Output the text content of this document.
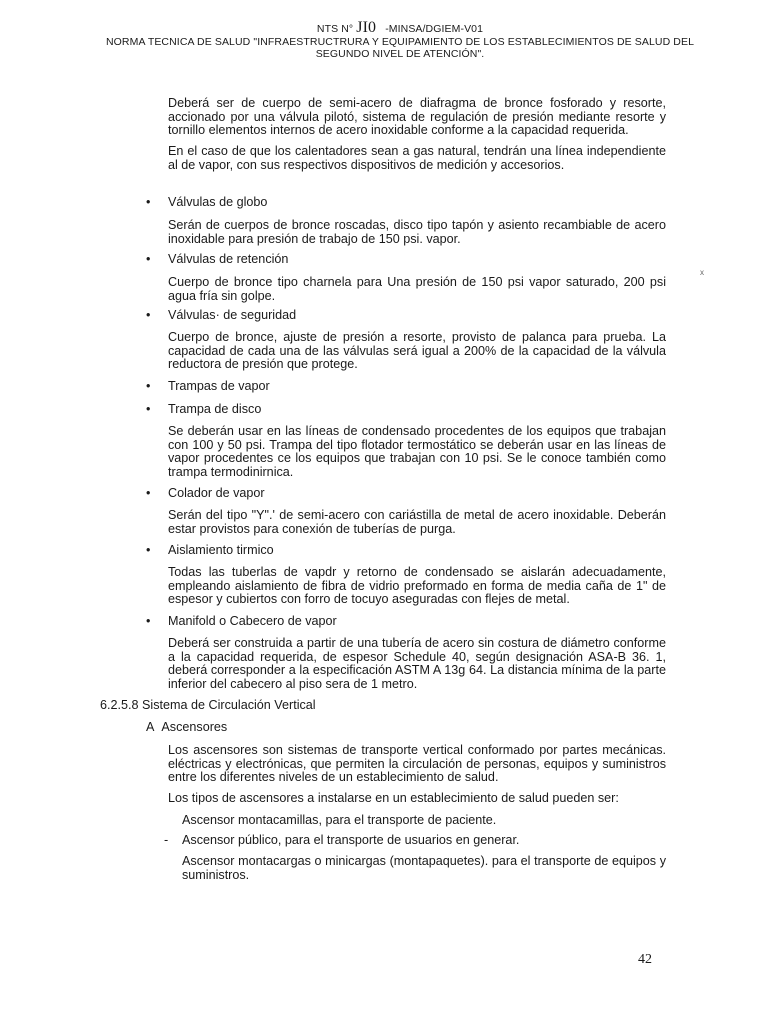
NTS N° JI0 -MINSA/DGIEM-V01
NORMA TECNICA DE SALUD "INFRAESTRUCTRURA Y EQUIPAMIENTO DE LOS ESTABLECIMIENTOS DE SALUD DEL
SEGUNDO NIVEL DE ATENCIÓN".
Deberá ser de cuerpo de semi-acero de diafragma de bronce fosforado y resorte, accionado por una válvula pilotó, sistema de regulación de presión mediante resorte y tornillo elementos internos de acero inoxidable conforme a la capacidad requerida.
En el caso de que los calentadores sean a gas natural, tendrán una línea independiente al de vapor, con sus respectivos dispositivos de medición y accesorios.
• Válvulas de globo
Serán de cuerpos de bronce roscadas, disco tipo tapón y asiento recambiable de acero inoxidable para presión de trabajo de 150 psi. vapor.
• Válvulas de retención
Cuerpo de bronce tipo charnela para Una presión de 150 psi vapor saturado, 200 psi agua fría sin golpe.
• Válvulas· de seguridad
Cuerpo de bronce, ajuste de presión a resorte, provisto de palanca para prueba. La capacidad de cada una de las válvulas será igual a 200% de la capacidad de la válvula reductora de presión que protege.
• Trampas de vapor
• Trampa de disco
Se deberán usar en las líneas de condensado procedentes de los equipos que trabajan con 100 y 50 psi. Trampa del tipo flotador termostático se deberán usar en las líneas de vapor procedentes ce los equipos que trabajan con 10 psi. Se le conoce también como trampa termodinirnica.
• Colador de vapor
Serán del tipo "Y".' de semi-acero con cariástilla de metal de acero inoxidable. Deberán estar provistos para conexión de tuberías de purga.
• Aislamiento tirmico
Todas las tuberlas de vapdr y retorno de condensado se aislarán adecuadamente, empleando aislamiento de fibra de vidrio preformado en forma de media caña de 1" de espesor y cubiertos con forro de tocuyo aseguradas con flejes de metal.
• Manifold o Cabecero de vapor
Deberá ser construida a partir de una tubería de acero sin costura de diámetro conforme a la capacidad requerida, de espesor Schedule 40, según designación ASA-B 36. 1, deberá corresponder a la especificación ASTM A 13g 64. La distancia mínima de la parte inferior del cabecero al piso sera de 1 metro.
6.2.5.8 Sistema de Circulación Vertical
A Ascensores
Los ascensores son sistemas de transporte vertical conformado por partes mecánicas. eléctricas y electrónicas, que permiten la circulación de personas, equipos y suministros entre los diferentes niveles de un establecimiento de salud.
Los tipos de ascensores a instalarse en un establecimiento de salud pueden ser:
Ascensor montacamillas, para el transporte de paciente.
- Ascensor público, para el transporte de usuarios en generar.
Ascensor montacargas o minicargas (montapaquetes). para el transporte de equipos y suministros.
x
42
